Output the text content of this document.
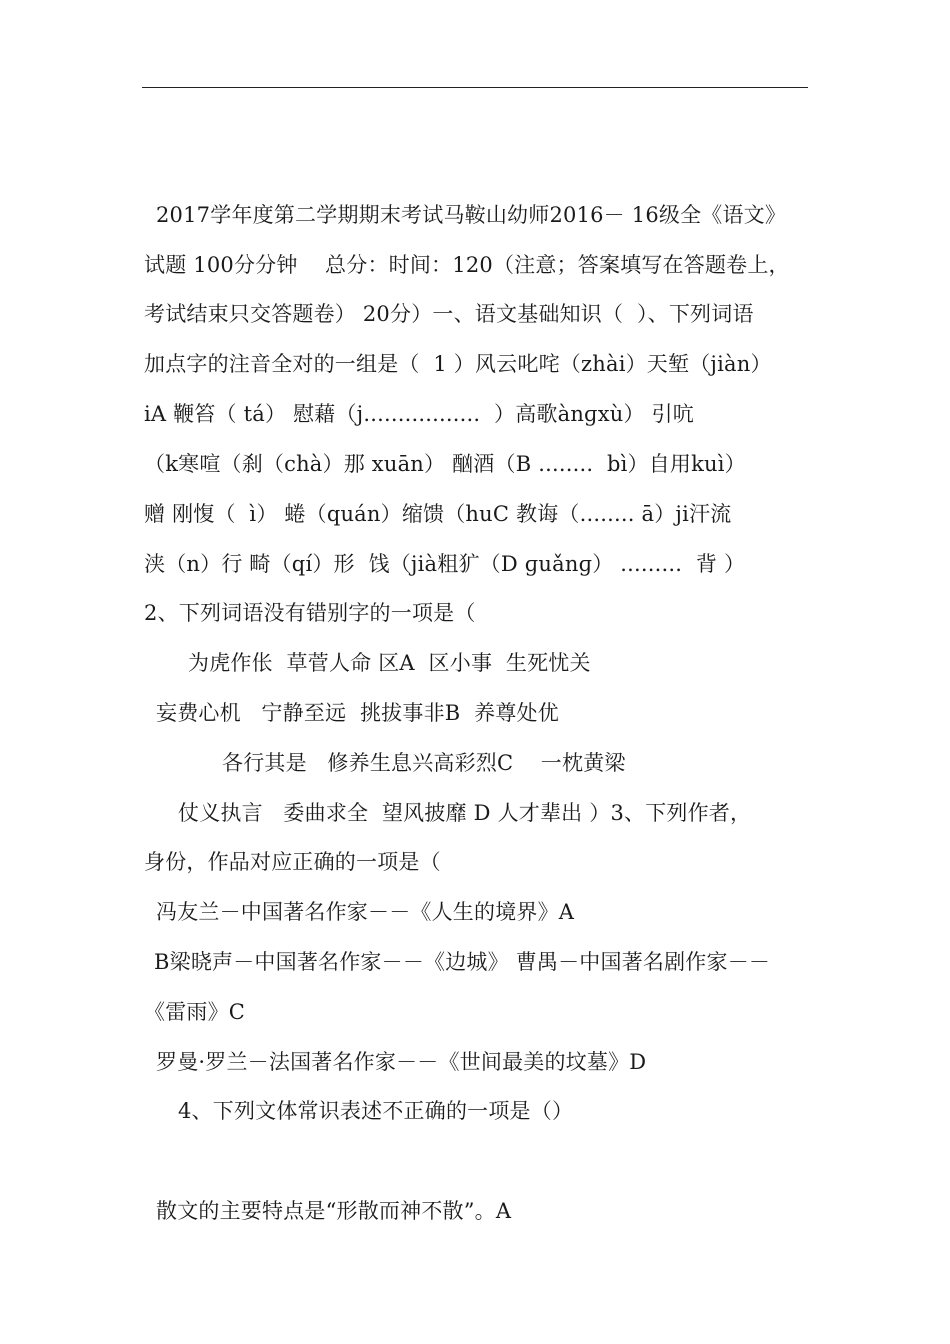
2017学年度第二学期期末考试马鞍山幼师2016－ 16级全《语文》
试题 100分分钟    总分：时间：120（注意；答案填写在答题卷上，
考试结束只交答题卷） 20分）一、语文基础知识（  ）、下列词语
加点字的注音全对的一组是（  1 ）风云叱咤（zhài）天堑（jiàn）
iA 鞭笞（ tá） 慰藉（j.................  ）高歌ànɡxù） 引吭
（k寒喧（刹（chà）那 xuān） 酗酒（B ........  bì）自用kuì）
赠 刚愎（  ì） 蜷（quán）缩馈（huC 教诲（........ ā）ji汗流
浃（n）行 畸（qí）形  饯（jià粗犷（D ɡuǎnɡ） .........  背 ）
2、下列词语没有错别字的一项是（
为虎作伥  草菅人命 区A  区小事  生死忧关
妄费心机   宁静至远  挑拔事非B  养尊处优
各行其是   修养生息兴高彩烈C    一枕黄梁
仗义执言   委曲求全  望风披靡 D 人才辈出 ）3、下列作者，
身份，作品对应正确的一项是（
冯友兰－中国著名作家－－《人生的境界》A
B梁晓声－中国著名作家－－《边城》 曹禺－中国著名剧作家－－
《雷雨》C
罗曼·罗兰－法国著名作家－－《世间最美的坟墓》D
4、下列文体常识表述不正确的一项是（）
散文的主要特点是“形散而神不散”。A
